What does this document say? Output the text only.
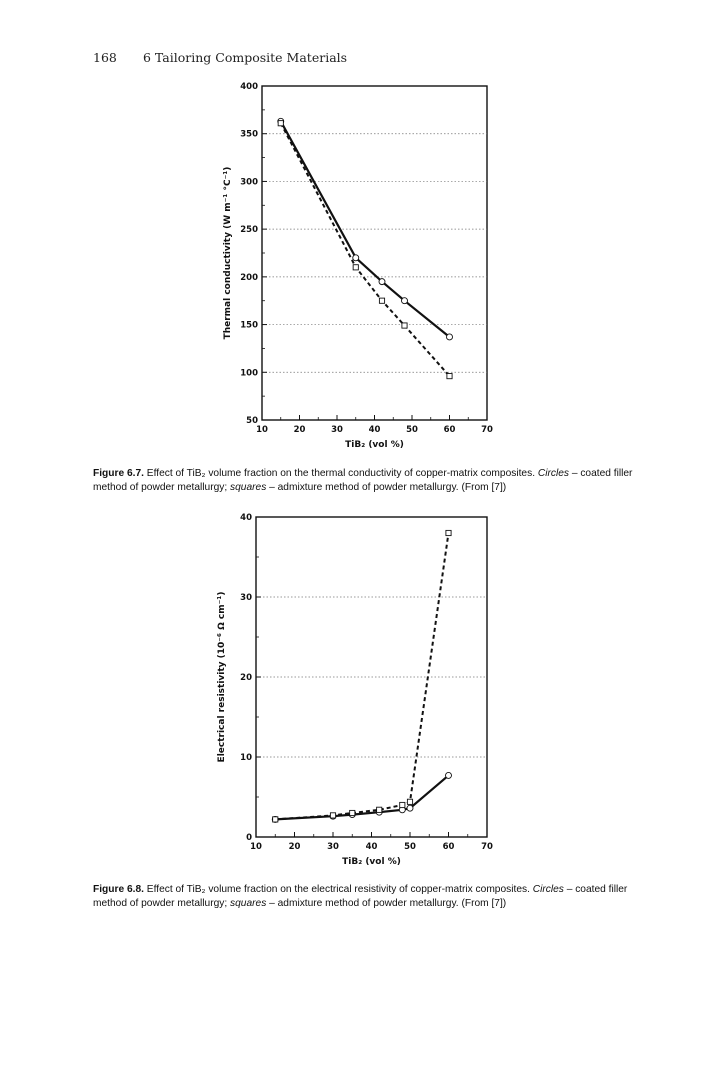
168 6 Tailoring Composite Materials
50
100
150
200
250
300
350
400
10	20	30	40	50	60	70
TiB₂ (vol %)
Thermal conductivity (W m⁻¹ °C⁻¹)
Figure 6.7. Effect of TiB₂ volume fraction on the thermal conductivity of copper-matrix composites. Circles – coated filler method of powder metallurgy; squares – admixture method of powder metallurgy. (From [7])
0
10
20
30
40
10	20	30	40	50	60	70
TiB₂ (vol %)
Electrical resistivity (10⁻⁶ Ω cm⁻¹)
Figure 6.8. Effect of TiB₂ volume fraction on the electrical resistivity of copper-matrix composites. Circles – coated filler method of powder metallurgy; squares – admixture method of powder metallurgy. (From [7])
